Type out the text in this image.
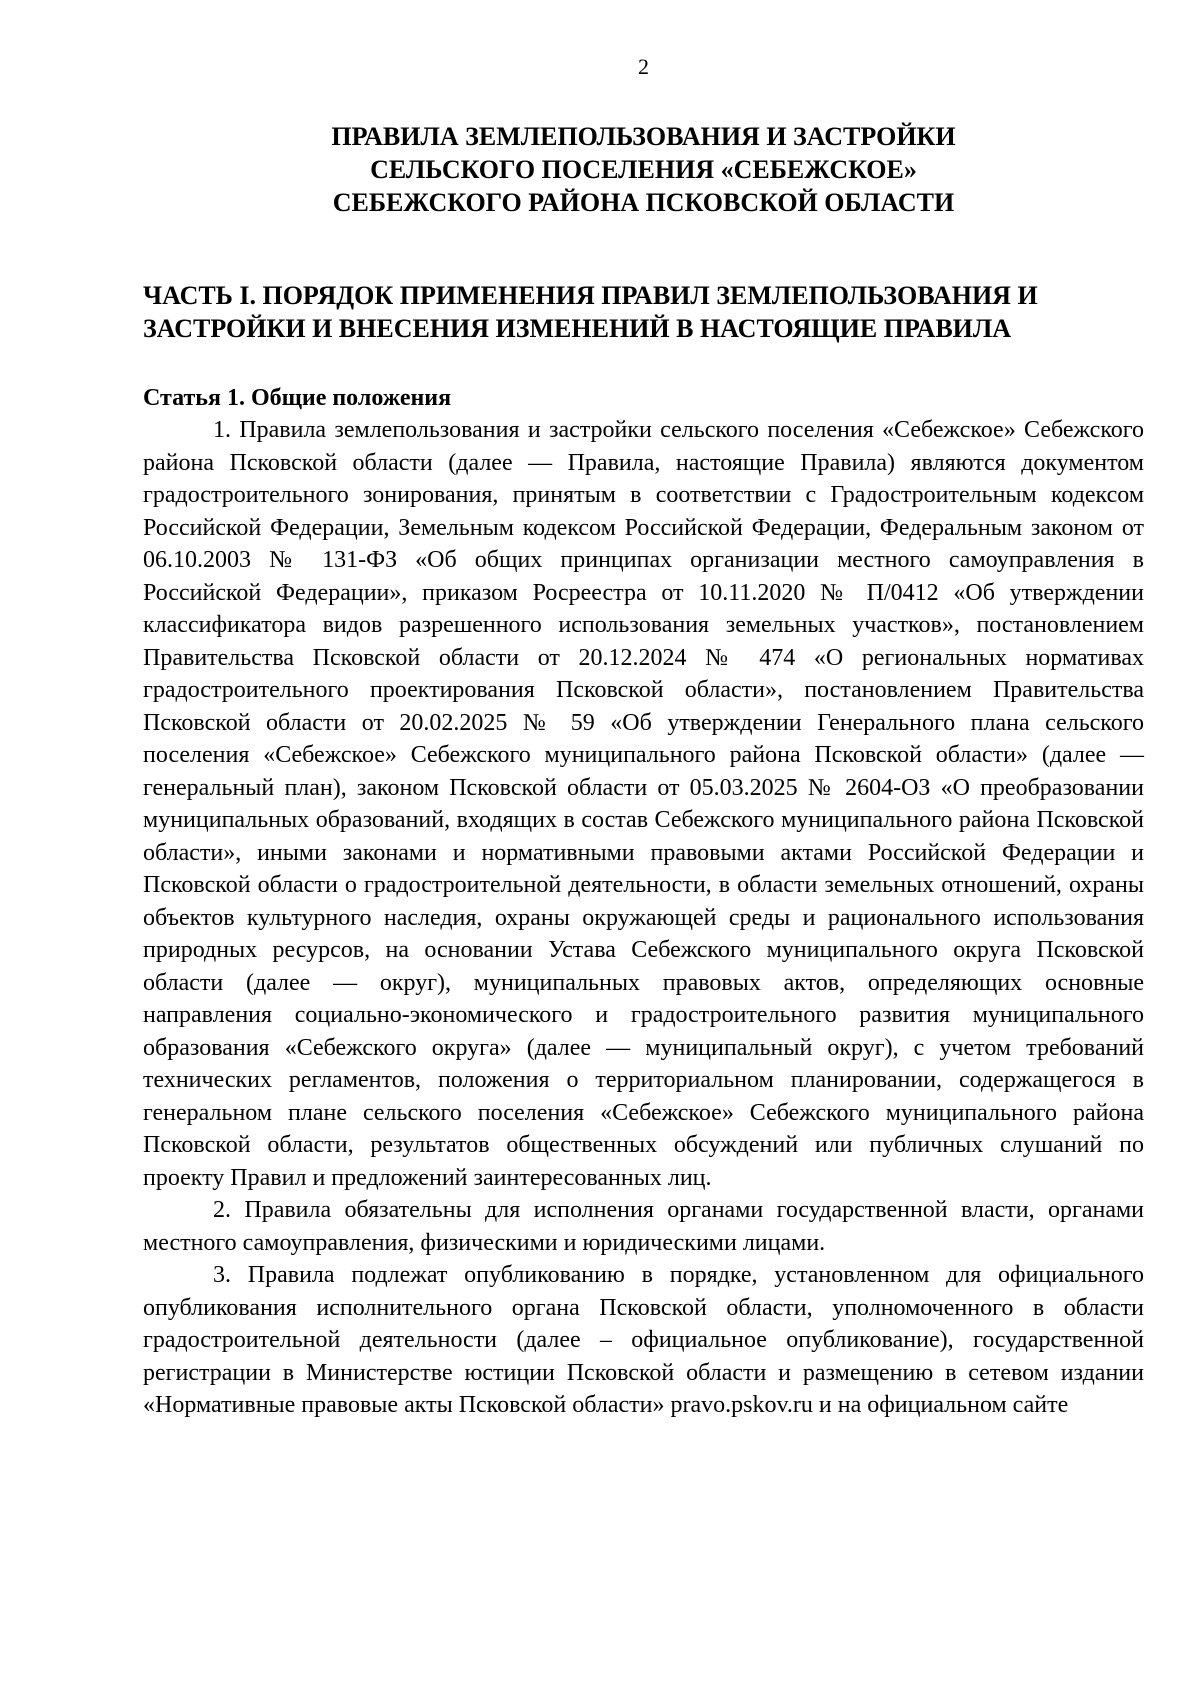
2
ПРАВИЛА ЗЕМЛЕПОЛЬЗОВАНИЯ И ЗАСТРОЙКИ
СЕЛЬСКОГО ПОСЕЛЕНИЯ «СЕБЕЖСКОЕ»
СЕБЕЖСКОГО РАЙОНА ПСКОВСКОЙ ОБЛАСТИ
ЧАСТЬ I. ПОРЯДОК ПРИМЕНЕНИЯ ПРАВИЛ ЗЕМЛЕПОЛЬЗОВАНИЯ И
ЗАСТРОЙКИ И ВНЕСЕНИЯ ИЗМЕНЕНИЙ В НАСТОЯЩИЕ ПРАВИЛА
Статья 1. Общие положения

1. Правила землепользования и застройки сельского поселения «Себежское» Себежского района Псковской области (далее — Правила, настоящие Правила) являются документом градостроительного зонирования, принятым в соответствии с Градостроительным кодексом Российской Федерации, Земельным кодексом Российской Федерации, Федеральным законом от 06.10.2003 № 131-ФЗ «Об общих принципах организации местного самоуправления в Российской Федерации», приказом Росреестра от 10.11.2020 № П/0412 «Об утверждении классификатора видов разрешенного использования земельных участков», постановлением Правительства Псковской области от 20.12.2024 № 474 «О региональных нормативах градостроительного проектирования Псковской области», постановлением Правительства Псковской области от 20.02.2025 № 59 «Об утверждении Генерального плана сельского поселения «Себежское» Себежского муниципального района Псковской области» (далее — генеральный план), законом Псковской области от 05.03.2025 № 2604-ОЗ «О преобразовании муниципальных образований, входящих в состав Себежского муниципального района Псковской области», иными законами и нормативными правовыми актами Российской Федерации и Псковской области о градостроительной деятельности, в области земельных отношений, охраны объектов культурного наследия, охраны окружающей среды и рационального использования природных ресурсов, на основании Устава Себежского муниципального округа Псковской области (далее — округ), муниципальных правовых актов, определяющих основные направления социально-экономического и градостроительного развития муниципального образования «Себежского округа» (далее — муниципальный округ), с учетом требований технических регламентов, положения о территориальном планировании, содержащегося в генеральном плане сельского поселения «Себежское» Себежского муниципального района Псковской области, результатов общественных обсуждений или публичных слушаний по проекту Правил и предложений заинтересованных лиц.

2. Правила обязательны для исполнения органами государственной власти, органами местного самоуправления, физическими и юридическими лицами.

3. Правила подлежат опубликованию в порядке, установленном для официального опубликования исполнительного органа Псковской области, уполномоченного в области градостроительной деятельности (далее – официальное опубликование), государственной регистрации в Министерстве юстиции Псковской области и размещению в сетевом издании «Нормативные правовые акты Псковской области» pravo.pskov.ru и на официальном сайте
